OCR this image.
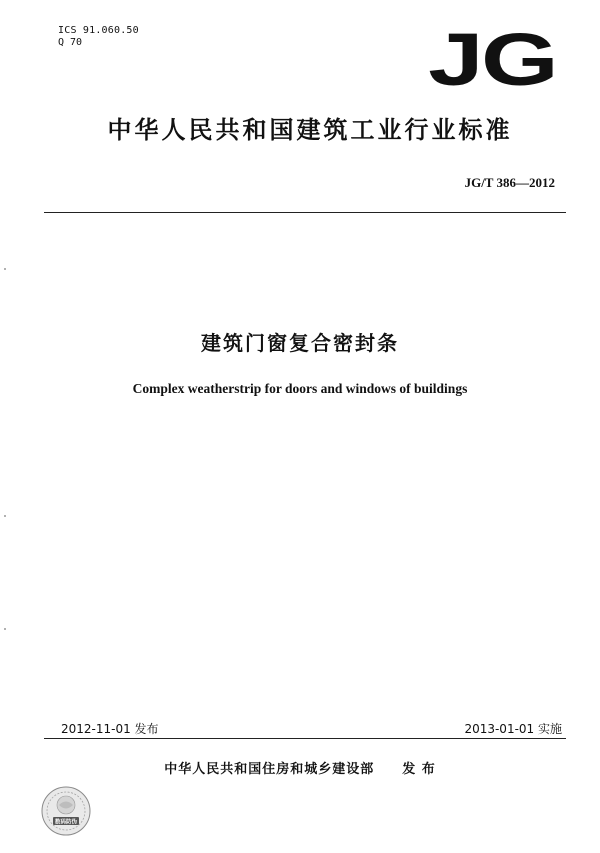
ICS 91.060.50
Q 70	JG
中华人民共和国建筑工业行业标准
JG/T 386—2012
建筑门窗复合密封条
Complex weatherstrip for doors and windows of buildings
2012-11-01 发布	2013-01-01 实施
中华人民共和国住房和城乡建设部 发 布
数码防伪
